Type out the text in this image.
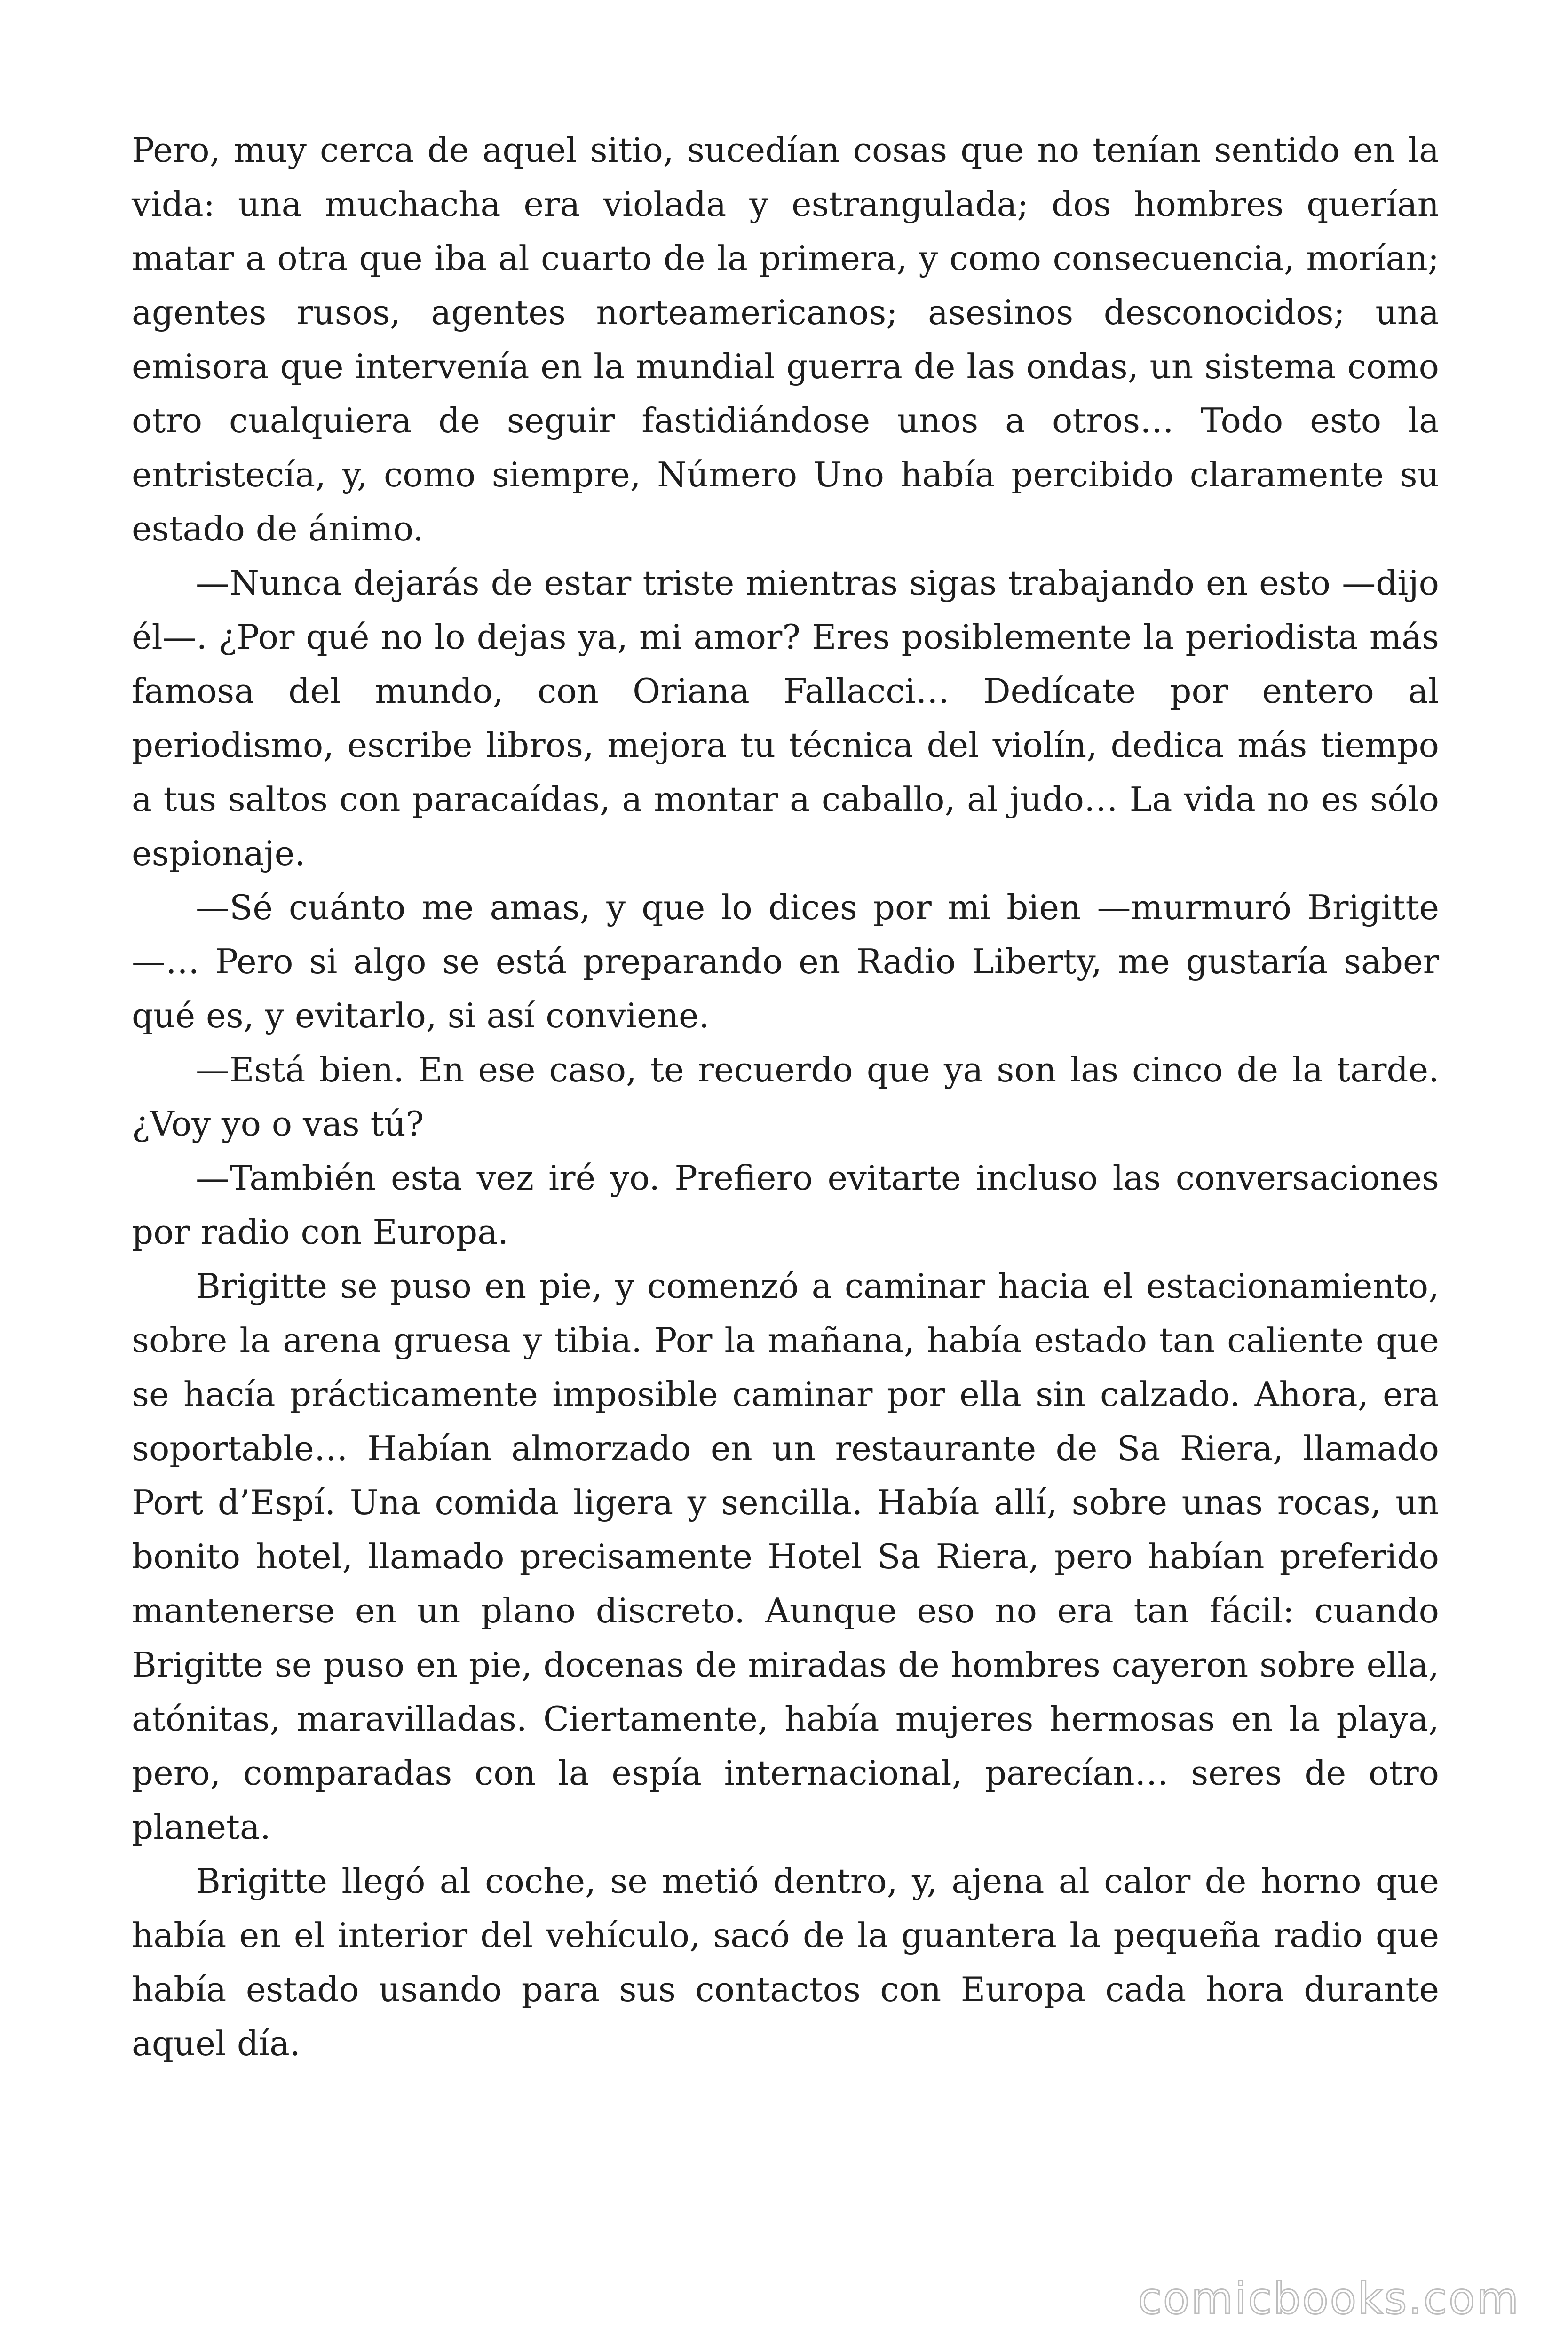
Pero, muy cerca de aquel sitio, sucedían cosas que no tenían sentido en la vida: una muchacha era violada y estrangulada; dos hombres querían matar a otra que iba al cuarto de la primera, y como consecuencia, morían; agentes rusos, agentes norteamericanos; asesinos desconocidos; una emisora que intervenía en la mundial guerra de las ondas, un sistema como otro cualquiera de seguir fastidiándose unos a otros… Todo esto la entristecía, y, como siempre, Número Uno había percibido claramente su estado de ánimo.

—Nunca dejarás de estar triste mientras sigas trabajando en esto —dijo él—. ¿Por qué no lo dejas ya, mi amor? Eres posiblemente la periodista más famosa del mundo, con Oriana Fallacci… Dedícate por entero al periodismo, escribe libros, mejora tu técnica del violín, dedica más tiempo a tus saltos con paracaídas, a montar a caballo, al judo… La vida no es sólo espionaje.

—Sé cuánto me amas, y que lo dices por mi bien —murmuró Brigitte—… Pero si algo se está preparando en Radio Liberty, me gustaría saber qué es, y evitarlo, si así conviene.

—Está bien. En ese caso, te recuerdo que ya son las cinco de la tarde. ¿Voy yo o vas tú?

—También esta vez iré yo. Prefiero evitarte incluso las conversaciones por radio con Europa.

Brigitte se puso en pie, y comenzó a caminar hacia el estacionamiento, sobre la arena gruesa y tibia. Por la mañana, había estado tan caliente que se hacía prácticamente imposible caminar por ella sin calzado. Ahora, era soportable… Habían almorzado en un restaurante de Sa Riera, llamado Port d’Espí. Una comida ligera y sencilla. Había allí, sobre unas rocas, un bonito hotel, llamado precisamente Hotel Sa Riera, pero habían preferido mantenerse en un plano discreto. Aunque eso no era tan fácil: cuando Brigitte se puso en pie, docenas de miradas de hombres cayeron sobre ella, atónitas, maravilladas. Ciertamente, había mujeres hermosas en la playa, pero, comparadas con la espía internacional, parecían… seres de otro planeta.

Brigitte llegó al coche, se metió dentro, y, ajena al calor de horno que había en el interior del vehículo, sacó de la guantera la pequeña radio que había estado usando para sus contactos con Europa cada hora durante aquel día.

comicbooks.com
